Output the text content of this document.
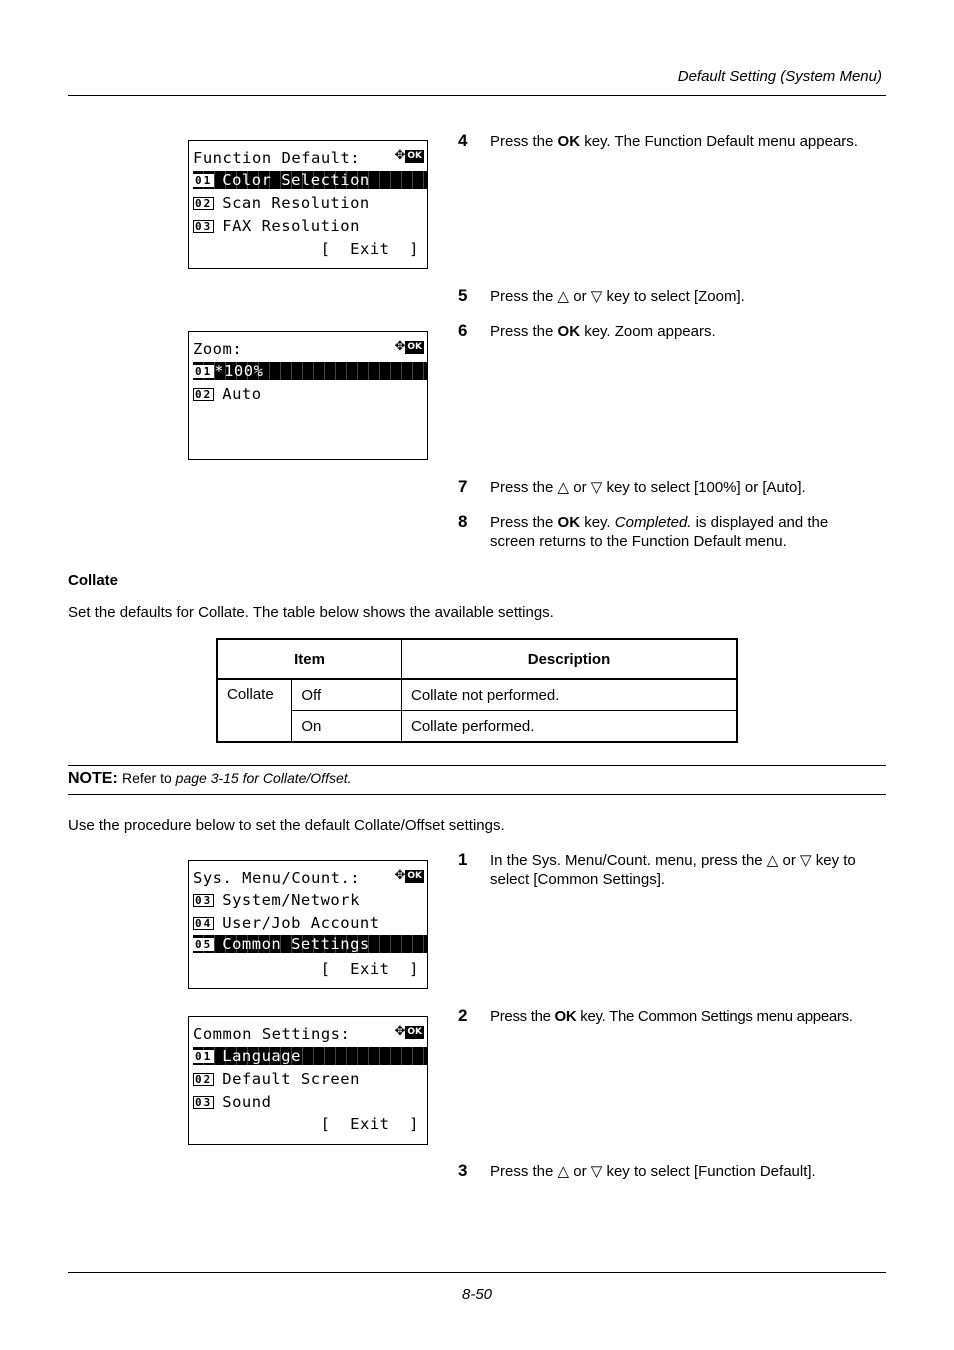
Default Setting (System Menu)
Function Default:	✥ OK
01 Color Selection
02 Scan Resolution
03 FAX Resolution
[  Exit  ]
Zoom:	✥ OK
01 *100%
02 Auto
4 Press the OK key. The Function Default menu appears.
5 Press the △ or ▽ key to select [Zoom].
6 Press the OK key. Zoom appears.
7 Press the △ or ▽ key to select [100%] or [Auto].
8 Press the OK key. Completed. is displayed and the screen returns to the Function Default menu.
Collate
Set the defaults for Collate. The table below shows the available settings.
Item		Description
Collate	Off	Collate not performed.
	On	Collate performed.
NOTE: Refer to page 3-15 for Collate/Offset.
Use the procedure below to set the default Collate/Offset settings.
Sys. Menu/Count.:	✥ OK
03 System/Network
04 User/Job Account
05 Common Settings
[  Exit  ]
Common Settings:	✥ OK
01 Language
02 Default Screen
03 Sound
[  Exit  ]
1 In the Sys. Menu/Count. menu, press the △ or ▽ key to select [Common Settings].
2 Press the OK key. The Common Settings menu appears.
3 Press the △ or ▽ key to select [Function Default].
8-50
